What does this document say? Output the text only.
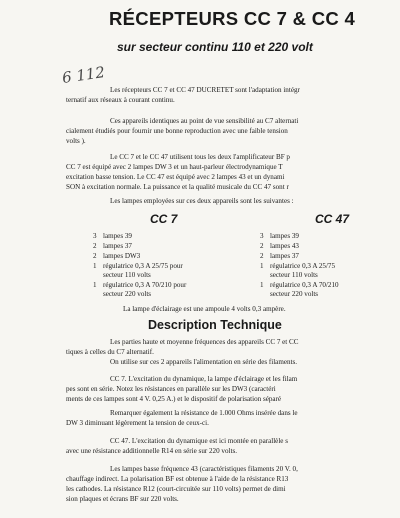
RÉCEPTEURS CC 7 & CC 4
sur secteur continu 110 et 220 volt
6 112
Les récepteurs CC 7 et CC 47 DUCRETET sont l'adaptation intégr
ternatif aux réseaux à courant continu.
Ces appareils identiques au point de vue sensibilité au C7 alternati
cialement étudiés pour fournir une bonne reproduction avec une faible tension
volts ).
Le CC 7 et le CC 47 utilisent tous les deux l'amplificateur BF p
CC 7 est équipé avec 2 lampes DW 3 et un haut-parleur électrodynamique T
excitation basse tension. Le CC 47 est équipé avec 2 lampes 43 et un dynami
SON à excitation normale. La puissance et la qualité musicale du CC 47 sont r
Les lampes employées sur ces deux appareils sont les suivantes :
CC 7	CC 47
3 lampes 39
2 lampes 37
2 lampes DW3
1 régulatrice 0,3 A 25/75 pour
secteur 110 volts
1 régulatrice 0,3 A 70/210 pour
secteur 220 volts
3 lampes 39
2 lampes 43
2 lampes 37
1 régulatrice 0,3 A 25/75
secteur 110 volts
1 régulatrice 0,3 A 70/210
secteur 220 volts
La lampe d'éclairage est une ampoule 4 volts 0,3 ampère.
Description Technique
Les parties haute et moyenne fréquences des appareils CC 7 et CC
tiques à celles du C7 alternatif.
On utilise sur ces 2 appareils l'alimentation en série des filaments.
CC 7. L'excitation du dynamique, la lampe d'éclairage et les filam
pes sont en série. Notez les résistances en parallèle sur les DW3 (caractéri
ments de ces lampes sont 4 V. 0,25 A.) et le dispositif de polarisation séparé
Remarquer également la résistance de 1.000 Ohms insérée dans le
DW 3 diminuant légèrement la tension de ceux-ci.
CC 47. L'excitation du dynamique est ici montée en parallèle s
avec une résistance additionnelle R14 en série sur 220 volts.
Les lampes basse fréquence 43 (caractéristiques filaments 20 V. 0,
chauffage indirect. La polarisation BF est obtenue à l'aide de la résistance R13
les cathodes. La résistance R12 (court-circuitée sur 110 volts) permet de dimi
sion plaques et écrans BF sur 220 volts.
